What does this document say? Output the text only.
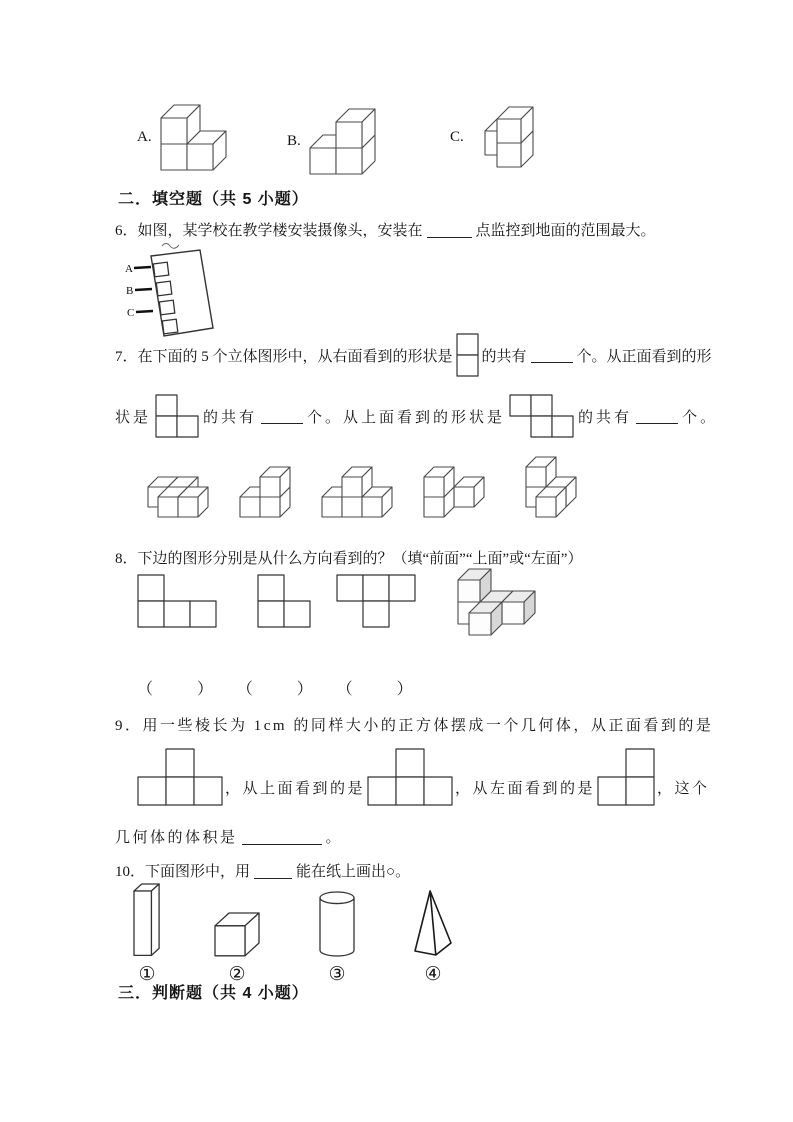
A.	B.	C.
二．填空题（共 5 小题）
6．如图，某学校在教学楼安装摄像头，安装在	点监控到地面的范围最大。
A
B
C
7．在下面的 5 个立体图形中，从右面看到的形状是 的共有	个。从正面看到的形
状是	的共有	个。从上面看到的形状是	的共有	个。
8．下边的图形分别是从什么方向看到的？（填“前面”“上面”或“左面”）
（	） （	） （	）
9．用一些棱长为 1cm 的同样大小的正方体摆成一个几何体，从正面看到的是
，从上面看到的是	，从左面看到的是	，这个
几何体的体积是	。
10．下面图形中，用	能在纸上画出○。
①	②	③	④
三．判断题（共 4 小题）
